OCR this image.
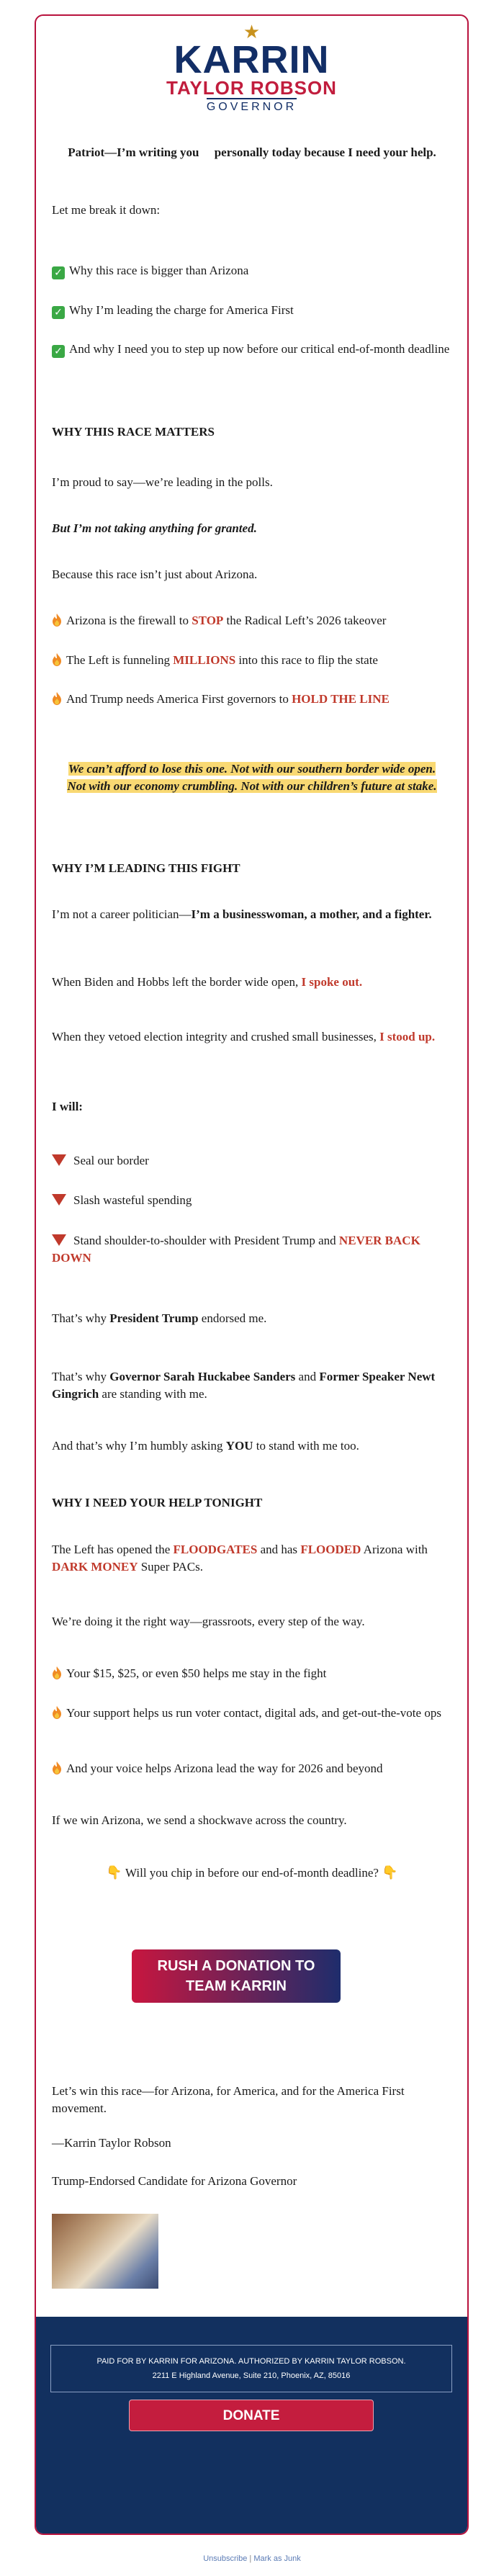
★
KARRIN
TAYLOR ROBSON
GOVERNOR
Patriot—I’m writing you personally today because I need your help.
Let me break it down:
✓ Why this race is bigger than Arizona
✓ Why I’m leading the charge for America First
✓ And why I need you to step up now before our critical end-of-month deadline
WHY THIS RACE MATTERS
I’m proud to say—we’re leading in the polls.
But I’m not taking anything for granted.
Because this race isn’t just about Arizona.
Arizona is the firewall to STOP the Radical Left’s 2026 takeover
The Left is funneling MILLIONS into this race to flip the state
And Trump needs America First governors to HOLD THE LINE
We can’t afford to lose this one. Not with our southern border wide open. Not with our economy crumbling. Not with our children’s future at stake.
WHY I’M LEADING THIS FIGHT
I’m not a career politician—I’m a businesswoman, a mother, and a fighter.
When Biden and Hobbs left the border wide open, I spoke out.
When they vetoed election integrity and crushed small businesses, I stood up.
I will:
Seal our border
Slash wasteful spending
Stand shoulder-to-shoulder with President Trump and NEVER BACK DOWN
That’s why President Trump endorsed me.
That’s why Governor Sarah Huckabee Sanders and Former Speaker Newt Gingrich are standing with me.
And that’s why I’m humbly asking YOU to stand with me too.
WHY I NEED YOUR HELP TONIGHT
The Left has opened the FLOODGATES and has FLOODED Arizona with DARK MONEY Super PACs.
We’re doing it the right way—grassroots, every step of the way.
Your $15, $25, or even $50 helps me stay in the fight
Your support helps us run voter contact, digital ads, and get-out-the-vote ops
And your voice helps Arizona lead the way for 2026 and beyond
If we win Arizona, we send a shockwave across the country.
👇 Will you chip in before our end-of-month deadline? 👇
RUSH A DONATION TO TEAM KARRIN
Let’s win this race—for Arizona, for America, and for the America First movement.
—Karrin Taylor Robson
Trump-Endorsed Candidate for Arizona Governor
PAID FOR BY KARRIN FOR ARIZONA. AUTHORIZED BY KARRIN TAYLOR ROBSON.
2211 E Highland Avenue, Suite 210, Phoenix, AZ, 85016
DONATE
Unsubscribe | Mark as Junk
